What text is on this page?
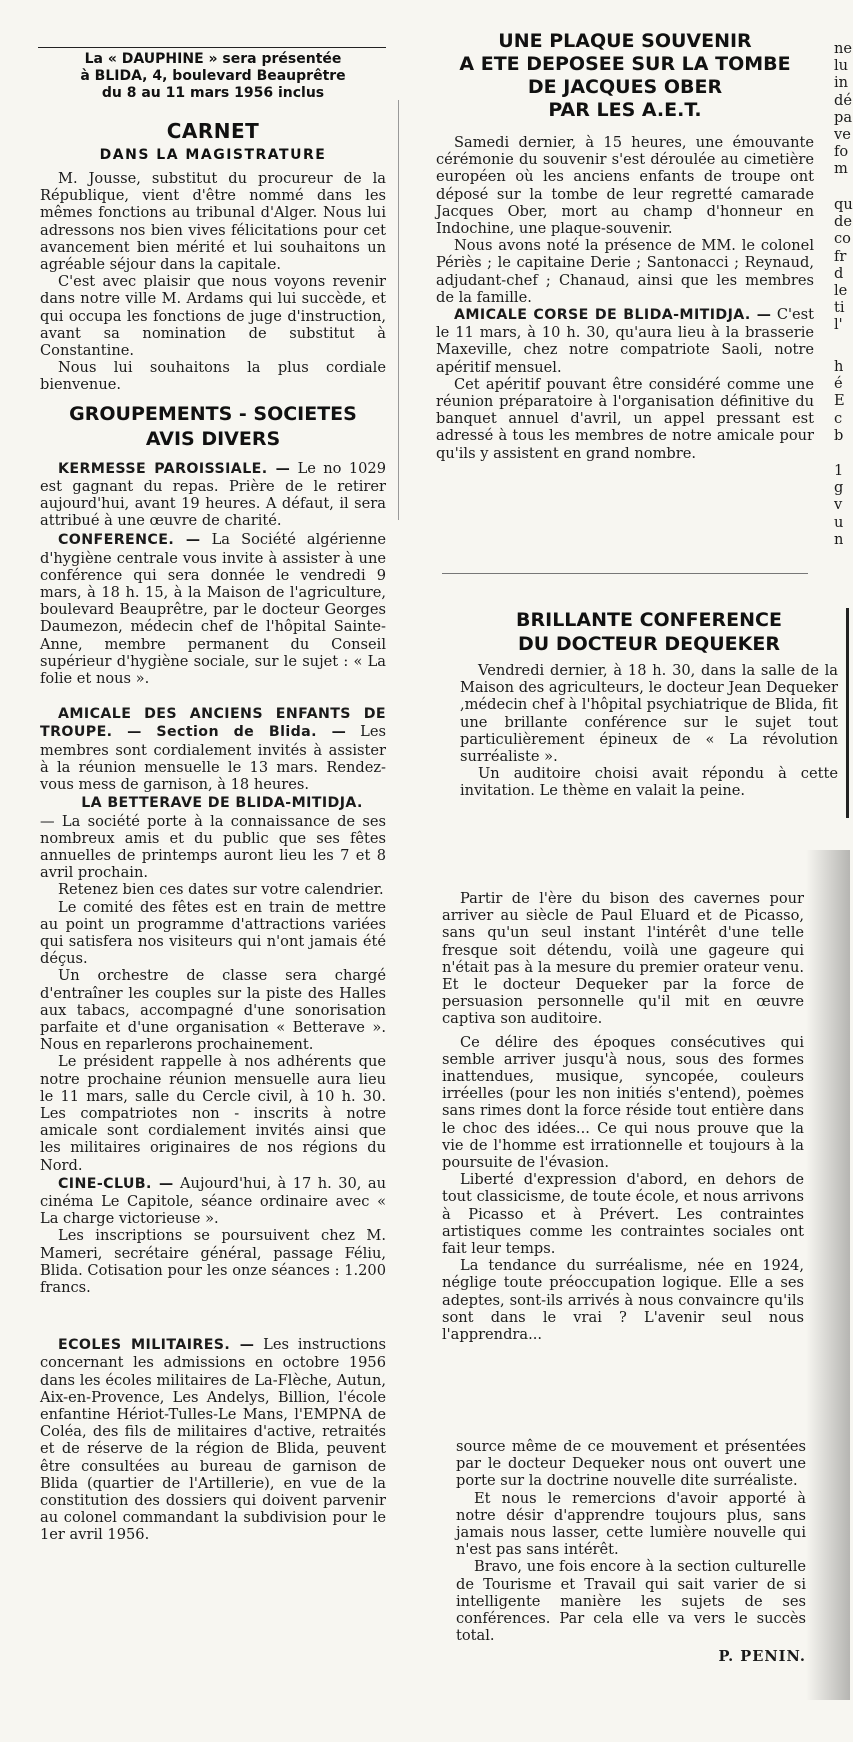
La « DAUPHINE » sera présentée
à BLIDA, 4, boulevard Beauprêtre
du 8 au 11 mars 1956 inclus
CARNET
DANS LA MAGISTRATURE

M. Jousse, substitut du procureur de la République, vient d'être nommé dans les mêmes fonctions au tribunal d'Alger. Nous lui adressons nos bien vives félicitations pour cet avancement bien mérité et lui souhaitons un agréable séjour dans la capitale.

C'est avec plaisir que nous voyons revenir dans notre ville M. Ardams qui lui succède, et qui occupa les fonctions de juge d'instruction, avant sa nomination de substitut à Constantine.

Nous lui souhaitons la plus cordiale bienvenue.

GROUPEMENTS - SOCIETES
AVIS DIVERS

KERMESSE PAROISSIALE. — Le no 1029 est gagnant du repas. Prière de le retirer aujourd'hui, avant 19 heures. A défaut, il sera attribué à une œuvre de charité.

CONFERENCE. — La Société algérienne d'hygiène centrale vous invite à assister à une conférence qui sera donnée le vendredi 9 mars, à 18 h. 15, à la Maison de l'agriculture, boulevard Beauprêtre, par le docteur Georges Daumezon, médecin chef de l'hôpital Sainte-Anne, membre permanent du Conseil supérieur d'hygiène sociale, sur le sujet : « La folie et nous ».

AMICALE DES ANCIENS ENFANTS DE TROUPE. — Section de Blida. — Les membres sont cordialement invités à assister à la réunion mensuelle le 13 mars. Rendez-vous mess de garnison, à 18 heures.

LA BETTERAVE DE BLIDA-MITIDJA.

— La société porte à la connaissance de ses nombreux amis et du public que ses fêtes annuelles de printemps auront lieu les 7 et 8 avril prochain.

Retenez bien ces dates sur votre calendrier.

Le comité des fêtes est en train de mettre au point un programme d'attractions variées qui satisfera nos visiteurs qui n'ont jamais été déçus.

Un orchestre de classe sera chargé d'entraîner les couples sur la piste des Halles aux tabacs, accompagné d'une sonorisation parfaite et d'une organisation « Betterave ». Nous en reparlerons prochainement.

Le président rappelle à nos adhérents que notre prochaine réunion mensuelle aura lieu le 11 mars, salle du Cercle civil, à 10 h. 30. Les compatriotes non - inscrits à notre amicale sont cordialement invités ainsi que les militaires originaires de nos régions du Nord.

CINE-CLUB. — Aujourd'hui, à 17 h. 30, au cinéma Le Capitole, séance ordinaire avec « La charge victorieuse ».

Les inscriptions se poursuivent chez M. Mameri, secrétaire général, passage Féliu, Blida. Cotisation pour les onze séances : 1.200 francs.

ECOLES MILITAIRES. — Les instructions concernant les admissions en octobre 1956 dans les écoles militaires de La-Flèche, Autun, Aix-en-Provence, Les Andelys, Billion, l'école enfantine Hériot-Tulles-Le Mans, l'EMPNA de Coléa, des fils de militaires d'active, retraités et de réserve de la région de Blida, peuvent être consultées au bureau de garnison de Blida (quartier de l'Artillerie), en vue de la constitution des dossiers qui doivent parvenir au colonel commandant la subdivision pour le 1er avril 1956.

UNE PLAQUE SOUVENIR
A ETE DEPOSEE SUR LA TOMBE
DE JACQUES OBER
PAR LES A.E.T.

Samedi dernier, à 15 heures, une émouvante cérémonie du souvenir s'est déroulée au cimetière européen où les anciens enfants de troupe ont déposé sur la tombe de leur regretté camarade Jacques Ober, mort au champ d'honneur en Indochine, une plaque-souvenir.

Nous avons noté la présence de MM. le colonel Périès ; le capitaine Derie ; Santonacci ; Reynaud, adjudant-chef ; Chanaud, ainsi que les membres de la famille.

AMICALE CORSE DE BLIDA-MITIDJA. — C'est le 11 mars, à 10 h. 30, qu'aura lieu à la brasserie Maxeville, chez notre compatriote Saoli, notre apéritif mensuel.

Cet apéritif pouvant être considéré comme une réunion préparatoire à l'organisation définitive du banquet annuel d'avril, un appel pressant est adressé à tous les membres de notre amicale pour qu'ils y assistent en grand nombre.

BRILLANTE CONFERENCE
DU DOCTEUR DEQUEKER

Vendredi dernier, à 18 h. 30, dans la salle de la Maison des agriculteurs, le docteur Jean Dequeker ,médecin chef à l'hôpital psychiatrique de Blida, fit une brillante conférence sur le sujet tout particulièrement épineux de « La révolution surréaliste ».

Un auditoire choisi avait répondu à cette invitation. Le thème en valait la peine.

Partir de l'ère du bison des cavernes pour arriver au siècle de Paul Eluard et de Picasso, sans qu'un seul instant l'intérêt d'une telle fresque soit détendu, voilà une gageure qui n'était pas à la mesure du premier orateur venu. Et le docteur Dequeker par la force de persuasion personnelle qu'il mit en œuvre captiva son auditoire.

Ce délire des époques consécutives qui semble arriver jusqu'à nous, sous des formes inattendues, musique, syncopée, couleurs irréelles (pour les non initiés s'entend), poèmes sans rimes dont la force réside tout entière dans le choc des idées... Ce qui nous prouve que la vie de l'homme est irrationnelle et toujours à la poursuite de l'évasion.

Liberté d'expression d'abord, en dehors de tout classicisme, de toute école, et nous arrivons à Picasso et à Prévert. Les contraintes artistiques comme les contraintes sociales ont fait leur temps.

La tendance du surréalisme, née en 1924, néglige toute préoccupation logique. Elle a ses adeptes, sont-ils arrivés à nous convaincre qu'ils sont dans le vrai ? L'avenir seul nous l'apprendra...

source même de ce mouvement et présentées par le docteur Dequeker nous ont ouvert une porte sur la doctrine nouvelle dite surréaliste.

Et nous le remercions d'avoir apporté à notre désir d'apprendre toujours plus, sans jamais nous lasser, cette lumière nouvelle qui n'est pas sans intérêt.

Bravo, une fois encore à la section culturelle de Tourisme et Travail qui sait varier de si intelligente manière les sujets de ses conférences. Par cela elle va vers le succès total.

P. PENIN.
ne
lu
in
dé
pa
ve
fo
m
qu
de
co
fr
d
le
ti
l'
h
é
E
c
b
1
g
v
u
n
